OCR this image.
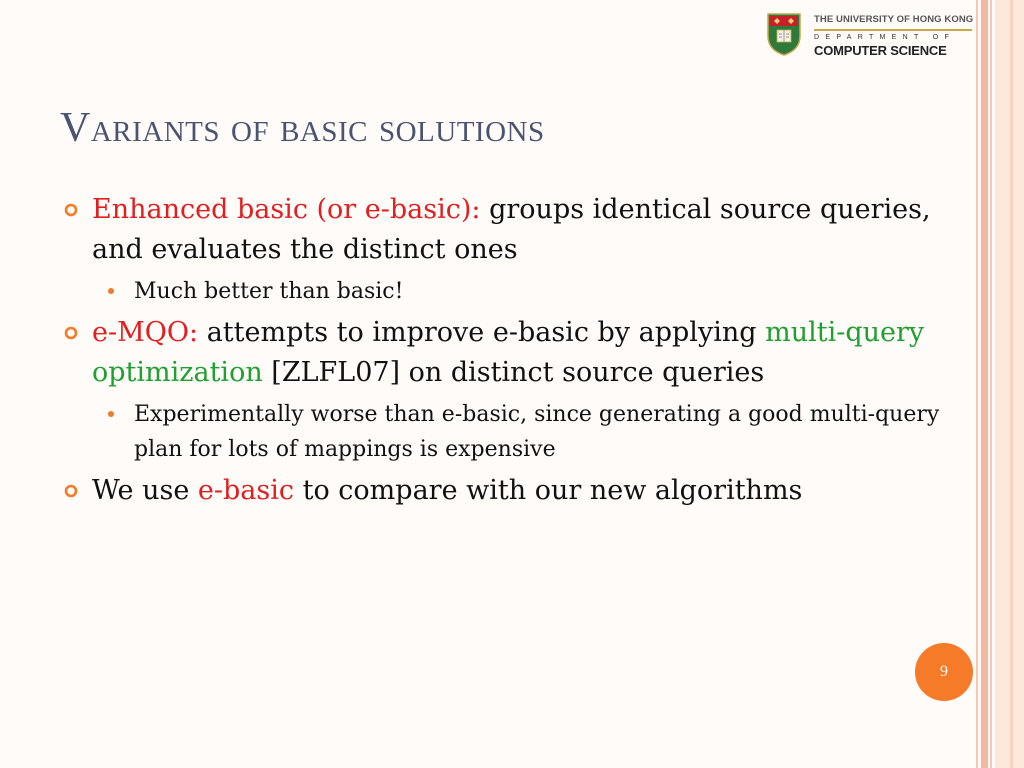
THE UNIVERSITY OF HONG KONG
DEPARTMENT OF
COMPUTER SCIENCE
Variants of basic solutions
Enhanced basic (or e-basic): groups identical source queries, and evaluates the distinct ones
Much better than basic!
e-MQO: attempts to improve e-basic by applying multi-query optimization [ZLFL07] on distinct source queries
Experimentally worse than e-basic, since generating a good multi-query plan for lots of mappings is expensive
We use e-basic to compare with our new algorithms
9
